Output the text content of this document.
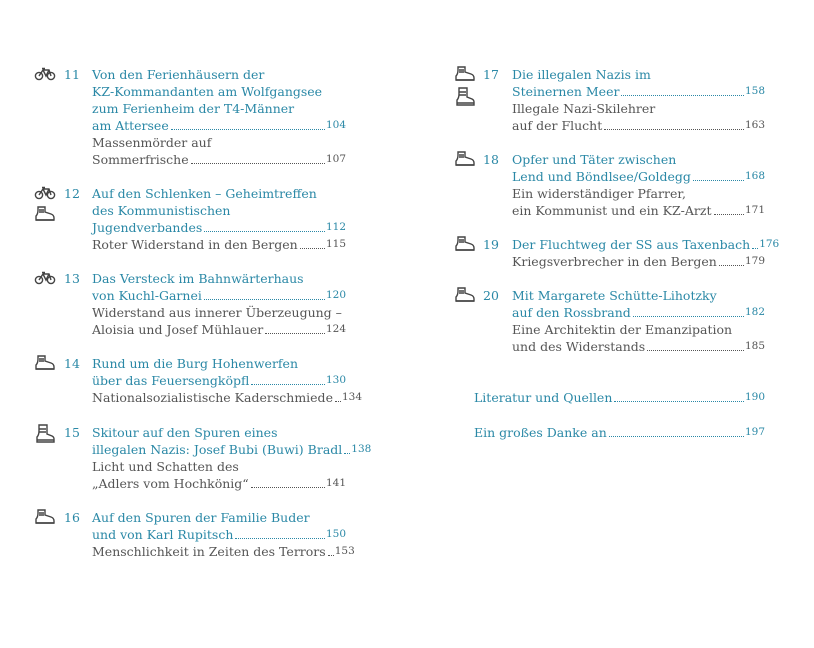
11 Von den Ferienhäusern der
KZ-Kommandanten am Wolfgangsee
zum Ferienheim der T4-Männer
am Attersee	104
Massenmörder auf
Sommerfrische	107
12 Auf den Schlenken – Geheimtreffen
des Kommunistischen
Jugendverbandes	112
Roter Widerstand in den Bergen	115
13 Das Versteck im Bahnwärterhaus
von Kuchl-Garnei	120
Widerstand aus innerer Überzeugung –
Aloisia und Josef Mühlauer	124
14 Rund um die Burg Hohenwerfen
über das Feuersengköpfl	130
Nationalsozialistische Kaderschmiede 134
15 Skitour auf den Spuren eines
illegalen Nazis: Josef Bubi (Buwi) Bradl 138
Licht und Schatten des
„Adlers vom Hochkönig“	141
16 Auf den Spuren der Familie Buder
und von Karl Rupitsch	150
Menschlichkeit in Zeiten des Terrors 153
17 Die illegalen Nazis im
Steinernen Meer	158
Illegale Nazi-Skilehrer
auf der Flucht	163
18 Opfer und Täter zwischen
Lend und Böndlsee/Goldegg	168
Ein widerständiger Pfarrer,
ein Kommunist und ein KZ-Arzt	171
19 Der Fluchtweg der SS aus Taxenbach 176
Kriegsverbrecher in den Bergen	179
20 Mit Margarete Schütte-Lihotzky
auf den Rossbrand	182
Eine Architektin der Emanzipation
und des Widerstands	185
Literatur und Quellen	190
Ein großes Danke an	197
